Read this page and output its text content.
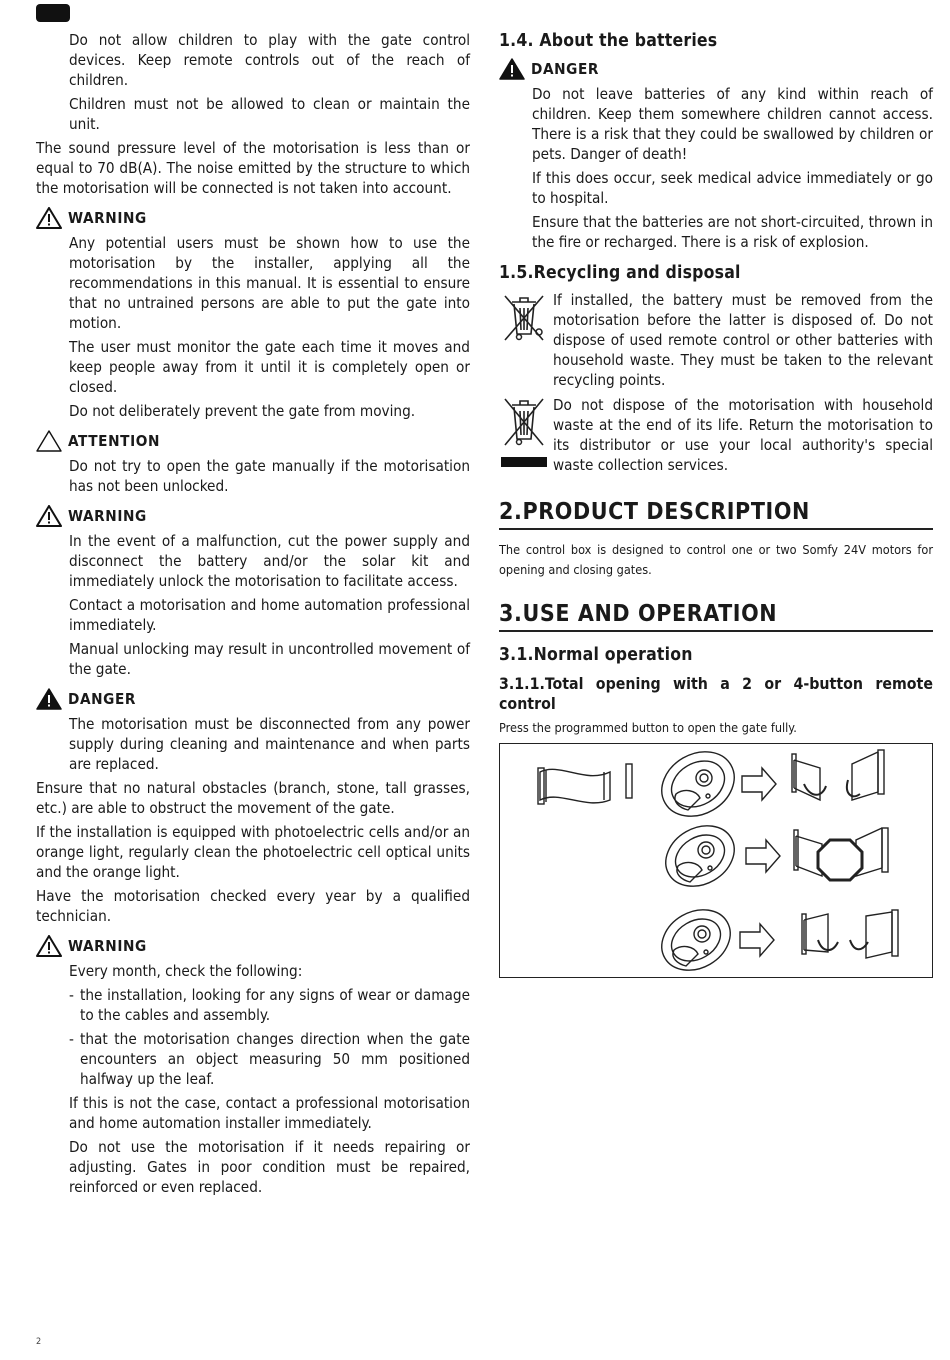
Do not allow children to play with the gate control devices. Keep remote controls out of the reach of children.

Children must not be allowed to clean or maintain the unit.

The sound pressure level of the motorisation is less than or equal to 70 dB(A). The noise emitted by the structure to which the motorisation will be connected is not taken into account.

WARNING

Any potential users must be shown how to use the motorisation by the installer, applying all the recommendations in this manual. It is essential to ensure that no untrained persons are able to put the gate into motion.

The user must monitor the gate each time it moves and keep people away from it until it is completely open or closed.

Do not deliberately prevent the gate from moving.

ATTENTION

Do not try to open the gate manually if the motorisation has not been unlocked.

WARNING

In the event of a malfunction, cut the power supply and disconnect the battery and/or the solar kit and immediately unlock the motorisation to facilitate access.

Contact a motorisation and home automation professional immediately.

Manual unlocking may result in uncontrolled movement of the gate.

DANGER

The motorisation must be disconnected from any power supply during cleaning and maintenance and when parts are replaced.

Ensure that no natural obstacles (branch, stone, tall grasses, etc.) are able to obstruct the movement of the gate.

If the installation is equipped with photoelectric cells and/or an orange light, regularly clean the photoelectric cell optical units and the orange light.

Have the motorisation checked every year by a qualified technician.

WARNING

Every month, check the following:

- the installation, looking for any signs of wear or damage to the cables and assembly.
- that the motorisation changes direction when the gate encounters an object measuring 50 mm positioned halfway up the leaf.

If this is not the case, contact a professional motorisation and home automation installer immediately.

Do not use the motorisation if it needs repairing or adjusting. Gates in poor condition must be repaired, reinforced or even replaced.

1.4. About the batteries
DANGER

Do not leave batteries of any kind within reach of children. Keep them somewhere children cannot access. There is a risk that they could be swallowed by children or pets. Danger of death!

If this does occur, seek medical advice immediately or go to hospital.

Ensure that the batteries are not short-circuited, thrown in the fire or recharged. There is a risk of explosion.

1.5.Recycling and disposal
If installed, the battery must be removed from the motorisation before the latter is disposed of. Do not dispose of used remote control or other batteries with household waste. They must be taken to the relevant recycling points.
Do not dispose of the motorisation with household waste at the end of its life. Return the motorisation to its distributor or use your local authority's special waste collection services.
2.PRODUCT DESCRIPTION

The control box is designed to control one or two Somfy 24V motors for opening and closing gates.

3.USE AND OPERATION
3.1.Normal operation
3.1.1.Total opening with a 2 or 4-button remote control

Press the programmed button to open the gate fully.

2
